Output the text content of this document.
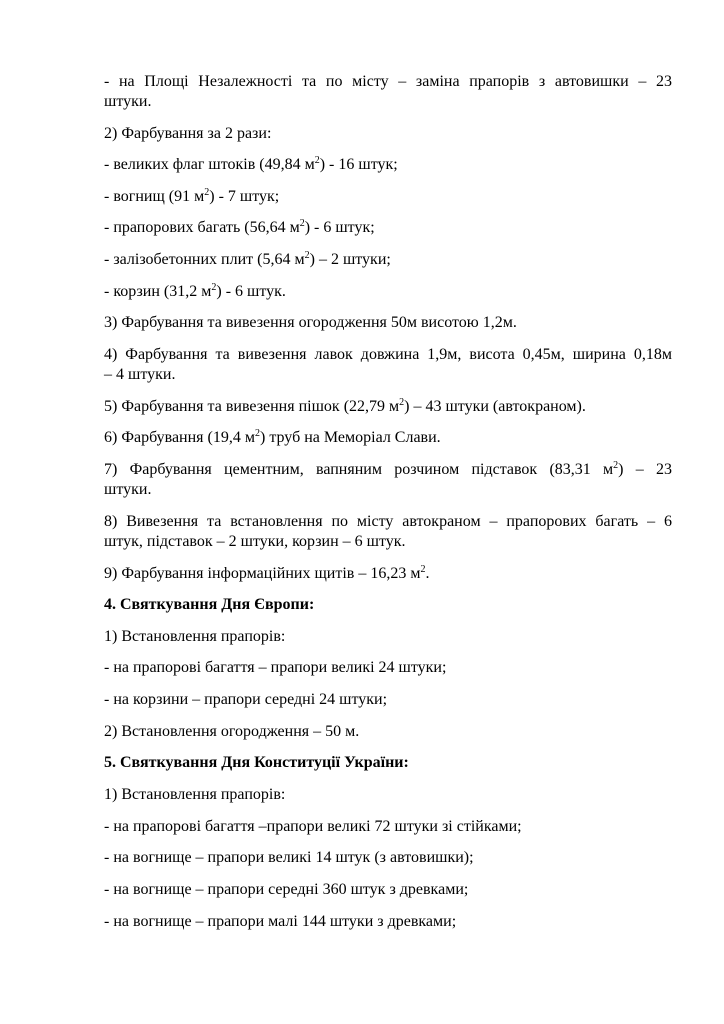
- на Площі Незалежності та по місту – заміна прапорів з автовишки – 23
штуки.
2) Фарбування за 2 рази:
- великих флаг штоків (49,84 $м^2) - 16$ штук;
- вогнищ (91 $м^2) - 7$ штук;
- прапорових багать (56,64 $м^2) - 6$ штук;
- залізобетонних плит (5,64 $м^2) - 2$ штуки;
- корзин (31,2 $м^2) - 6$ штук.
3) Фарбування та вивезення огородження 50м висотою 1,2м.
4) Фарбування та вивезення лавок довжина 1,9м, висота 0,45м, ширина 0,18м
– 4 штуки.
5) Фарбування та вивезення пішок (22,79 $м^2) - 43$ штуки (автокраном).
6) Фарбування (19,4 $м^2$) труб на Меморіал Слави.
7) Фарбування цементним, вапняним розчином підставок (83,31 $м^2) - 23$
штуки.
8) Вивезення та встановлення по місту автокраном – прапорових багать – 6
штук, підставок – 2 штуки, корзин – 6 штук.
9) Фарбування інформаційних щитів – 16,23 $м^2$.
4. Святкування Дня Європи:
1) Встановлення прапорів:
- на прапорові багаття – прапори великі 24 штуки;
- на корзини – прапори середні 24 штуки;
2) Встановлення огородження – 50 м.
5. Святкування Дня Конституції України:
1) Встановлення прапорів:
- на прапорові багаття –прапори великі 72 штуки зі стійками;
- на вогнище – прапори великі 14 штук (з автовишки);
- на вогнище – прапори середні 360 штук з древками;
- на вогнище – прапори малі 144 штуки з древками;
